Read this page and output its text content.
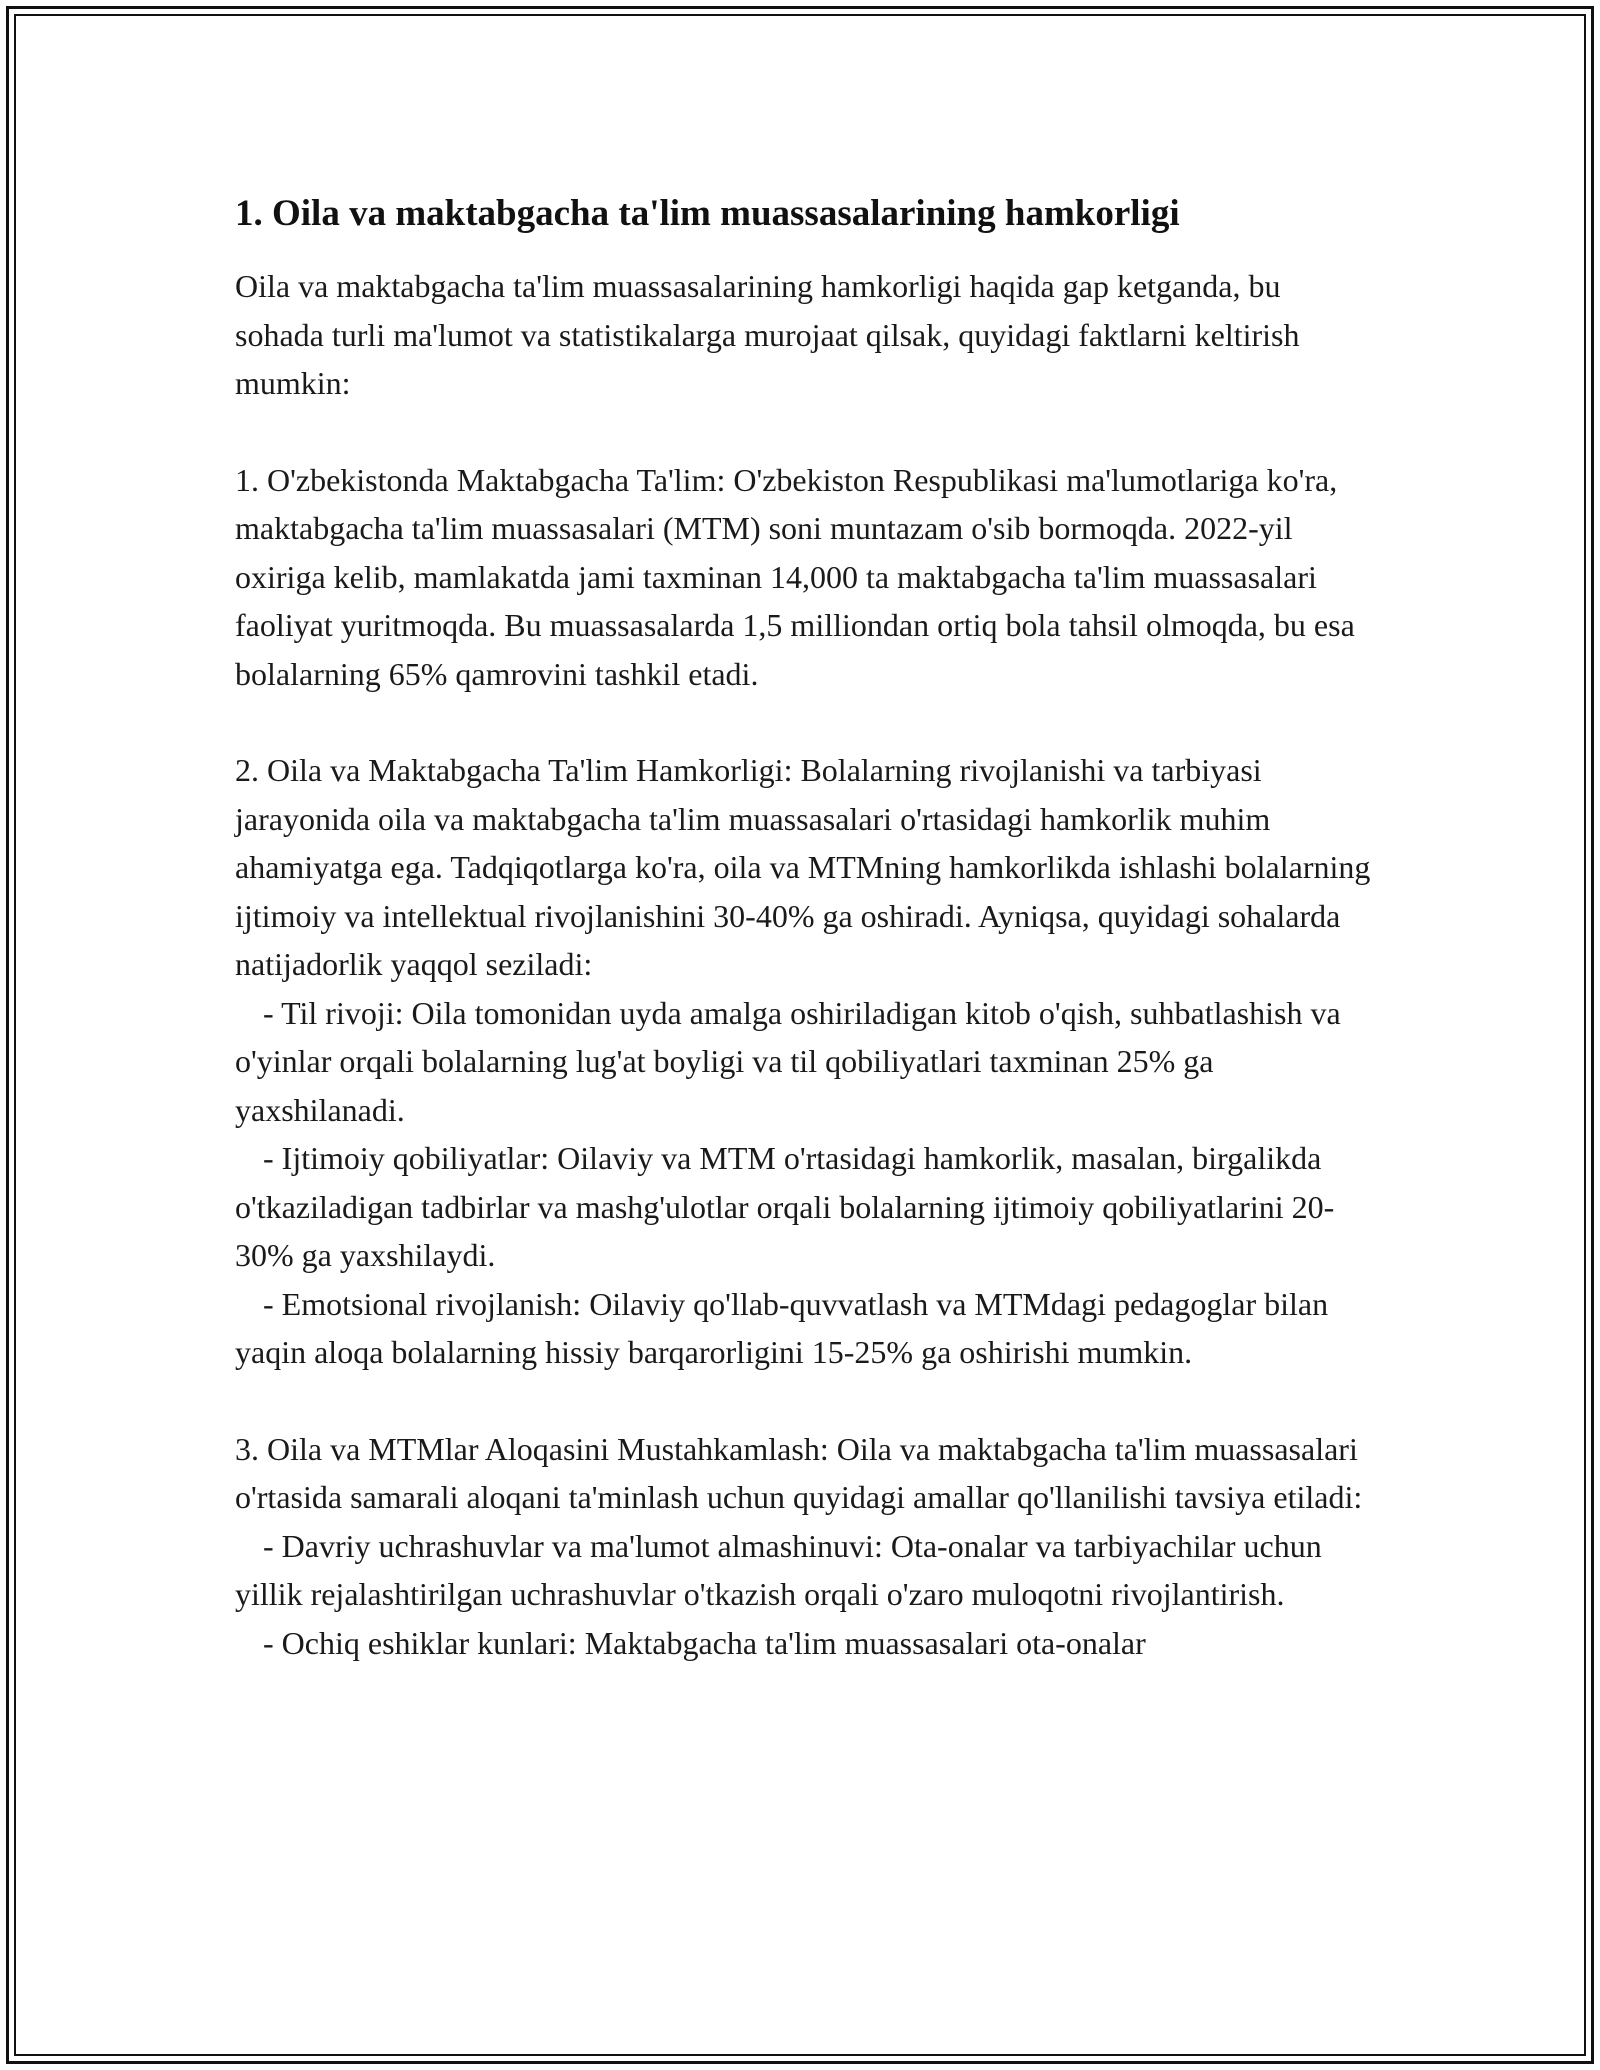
1. Oila va maktabgacha ta'lim muassasalarining hamkorligi

Oila va maktabgacha ta'lim muassasalarining hamkorligi haqida gap ketganda, bu sohada turli ma'lumot va statistikalarga murojaat qilsak, quyidagi faktlarni keltirish mumkin:

1. O'zbekistonda Maktabgacha Ta'lim: O'zbekiston Respublikasi ma'lumotlariga ko'ra, maktabgacha ta'lim muassasalari (MTM) soni muntazam o'sib bormoqda. 2022-yil oxiriga kelib, mamlakatda jami taxminan 14,000 ta maktabgacha ta'lim muassasalari faoliyat yuritmoqda. Bu muassasalarda 1,5 milliondan ortiq bola tahsil olmoqda, bu esa bolalarning 65% qamrovini tashkil etadi.

2. Oila va Maktabgacha Ta'lim Hamkorligi: Bolalarning rivojlanishi va tarbiyasi jarayonida oila va maktabgacha ta'lim muassasalari o'rtasidagi hamkorlik muhim ahamiyatga ega. Tadqiqotlarga ko'ra, oila va MTMning hamkorlikda ishlashi bolalarning ijtimoiy va intellektual rivojlanishini 30-40% ga oshiradi. Ayniqsa, quyidagi sohalarda natijadorlik yaqqol seziladi:

- Til rivoji: Oila tomonidan uyda amalga oshiriladigan kitob o'qish, suhbatlashish va o'yinlar orqali bolalarning lug'at boyligi va til qobiliyatlari taxminan 25% ga yaxshilanadi.

- Ijtimoiy qobiliyatlar: Oilaviy va MTM o'rtasidagi hamkorlik, masalan, birgalikda o'tkaziladigan tadbirlar va mashg'ulotlar orqali bolalarning ijtimoiy qobiliyatlarini 20-30% ga yaxshilaydi.

- Emotsional rivojlanish: Oilaviy qo'llab-quvvatlash va MTMdagi pedagoglar bilan yaqin aloqa bolalarning hissiy barqarorligini 15-25% ga oshirishi mumkin.

3. Oila va MTMlar Aloqasini Mustahkamlash: Oila va maktabgacha ta'lim muassasalari o'rtasida samarali aloqani ta'minlash uchun quyidagi amallar qo'llanilishi tavsiya etiladi:

- Davriy uchrashuvlar va ma'lumot almashinuvi: Ota-onalar va tarbiyachilar uchun yillik rejalashtirilgan uchrashuvlar o'tkazish orqali o'zaro muloqotni rivojlantirish.

- Ochiq eshiklar kunlari: Maktabgacha ta'lim muassasalari ota-onalar
